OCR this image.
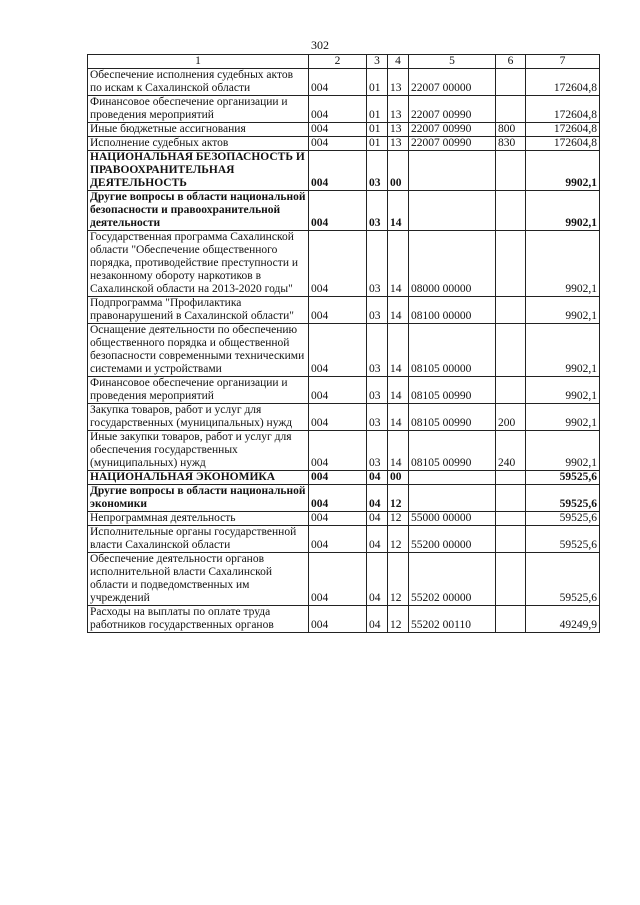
302
1	2	3	4	5	6	7
Обеспечение исполнения судебных актов по искам к Сахалинской области	004	01	13	22007 00000		172604,8
Финансовое обеспечение организации и проведения мероприятий	004	01	13	22007 00990		172604,8
Иные бюджетные ассигнования	004	01	13	22007 00990	800	172604,8
Исполнение судебных актов	004	01	13	22007 00990	830	172604,8
НАЦИОНАЛЬНАЯ БЕЗОПАСНОСТЬ И ПРАВООХРАНИТЕЛЬНАЯ ДЕЯТЕЛЬНОСТЬ	004	03	00			9902,1
Другие вопросы в области национальной безопасности и правоохранительной деятельности	004	03	14			9902,1
Государственная программа Сахалинской области "Обеспечение общественного порядка, противодействие преступности и незаконному обороту наркотиков в Сахалинской области на 2013-2020 годы"	004	03	14	08000 00000		9902,1
Подпрограмма "Профилактика правонарушений в Сахалинской области"	004	03	14	08100 00000		9902,1
Оснащение деятельности по обеспечению общественного порядка и общественной безопасности современными техническими системами и устройствами	004	03	14	08105 00000		9902,1
Финансовое обеспечение организации и проведения мероприятий	004	03	14	08105 00990		9902,1
Закупка товаров, работ и услуг для государственных (муниципальных) нужд	004	03	14	08105 00990	200	9902,1
Иные закупки товаров, работ и услуг для обеспечения государственных (муниципальных) нужд	004	03	14	08105 00990	240	9902,1
НАЦИОНАЛЬНАЯ ЭКОНОМИКА	004	04	00			59525,6
Другие вопросы в области национальной экономики	004	04	12			59525,6
Непрограммная деятельность	004	04	12	55000 00000		59525,6
Исполнительные органы государственной власти Сахалинской области	004	04	12	55200 00000		59525,6
Обеспечение деятельности органов исполнительной власти Сахалинской области и подведомственных им учреждений	004	04	12	55202 00000		59525,6
Расходы на выплаты по оплате труда работников государственных органов	004	04	12	55202 00110		49249,9
